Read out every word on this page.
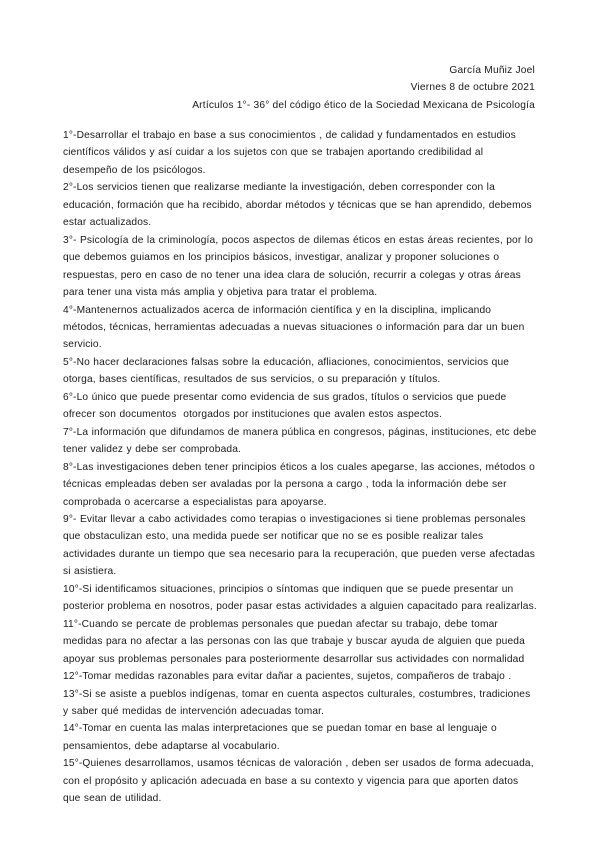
García Muñiz Joel
Viernes 8 de octubre 2021
Artículos 1°- 36° del código ético de la Sociedad Mexicana de Psicología

1°-Desarrollar el trabajo en base a sus conocimientos , de calidad y fundamentados en estudios científicos válidos y así cuidar a los sujetos con que se trabajen aportando credibilidad al desempeño de los psicólogos.

2°-Los servicios tienen que realizarse mediante la investigación, deben corresponder con la educación, formación que ha recibido, abordar métodos y técnicas que se han aprendido, debemos estar actualizados.

3°- Psicología de la criminología, pocos aspectos de dilemas éticos en estas áreas recientes, por lo que debemos guiamos en los principios básicos, investigar, analizar y proponer soluciones o respuestas, pero en caso de no tener una idea clara de solución, recurrir a colegas y otras áreas para tener una vista más amplia y objetiva para tratar el problema.

4°-Mantenernos actualizados acerca de información científica y en la disciplina, implicando métodos, técnicas, herramientas adecuadas a nuevas situaciones o información para dar un buen servicio.

5°-No hacer declaraciones falsas sobre la educación, afliaciones, conocimientos, servicios que otorga, bases científicas, resultados de sus servicios, o su preparación y títulos.

6°-Lo único que puede presentar como evidencia de sus grados, títulos o servicios que puede ofrecer son documentos  otorgados por instituciones que avalen estos aspectos.

7°-La información que difundamos de manera pública en congresos, páginas, instituciones, etc debe tener validez y debe ser comprobada.

8°-Las investigaciones deben tener principios éticos a los cuales apegarse, las acciones, métodos o técnicas empleadas deben ser avaladas por la persona a cargo , toda la información debe ser comprobada o acercarse a especialistas para apoyarse.

9°- Evitar llevar a cabo actividades como terapias o investigaciones si tiene problemas personales que obstaculizan esto, una medida puede ser notificar que no se es posible realizar tales actividades durante un tiempo que sea necesario para la recuperación, que pueden verse afectadas si asistiera.

10°-Si identificamos situaciones, principios o síntomas que indiquen que se puede presentar un posterior problema en nosotros, poder pasar estas actividades a alguien capacitado para realizarlas.

11°-Cuando se percate de problemas personales que puedan afectar su trabajo, debe tomar medidas para no afectar a las personas con las que trabaje y buscar ayuda de alguien que pueda apoyar sus problemas personales para posteriormente desarrollar sus actividades con normalidad

12°-Tomar medidas razonables para evitar dañar a pacientes, sujetos, compañeros de trabajo .

13°-Si se asiste a pueblos indígenas, tomar en cuenta aspectos culturales, costumbres, tradiciones y saber qué medidas de intervención adecuadas tomar.

14°-Tomar en cuenta las malas interpretaciones que se puedan tomar en base al lenguaje o pensamientos, debe adaptarse al vocabulario.

15°-Quienes desarrollamos, usamos técnicas de valoración , deben ser usados de forma adecuada, con el propósito y aplicación adecuada en base a su contexto y vigencia para que aporten datos que sean de utilidad.
